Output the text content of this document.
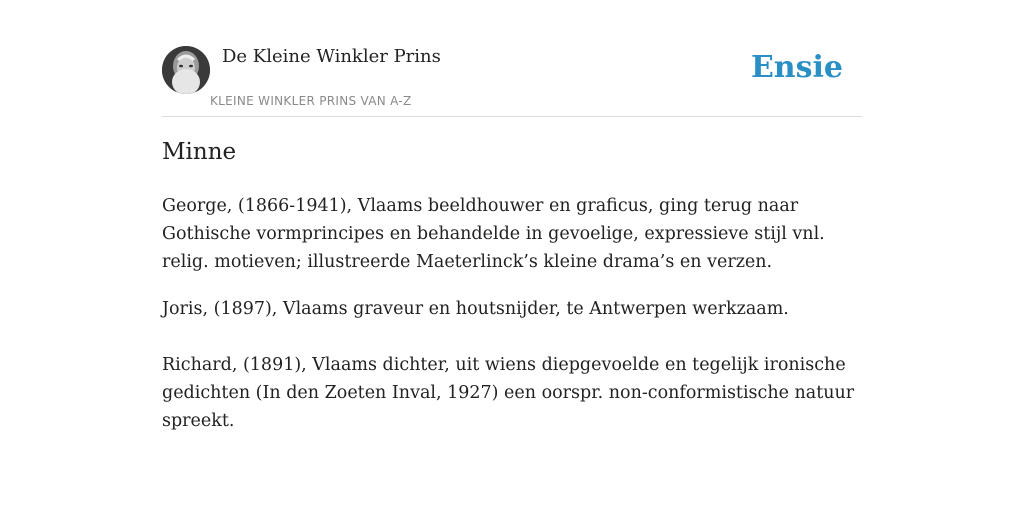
De Kleine Winkler Prins
KLEINE WINKLER PRINS VAN A-Z
Ensie
Minne

George, (1866-1941), Vlaams beeldhouwer en graficus, ging terug naar Gothische vormprincipes en behandelde in gevoelige, expressieve stijl vnl. relig. motieven; illustreerde Maeterlinck’s kleine drama’s en verzen.

Joris, (1897), Vlaams graveur en houtsnijder, te Antwerpen werkzaam.

Richard, (1891), Vlaams dichter, uit wiens diepgevoelde en tegelijk ironische gedichten (In den Zoeten Inval, 1927) een oorspr. non-conformistische natuur spreekt.
